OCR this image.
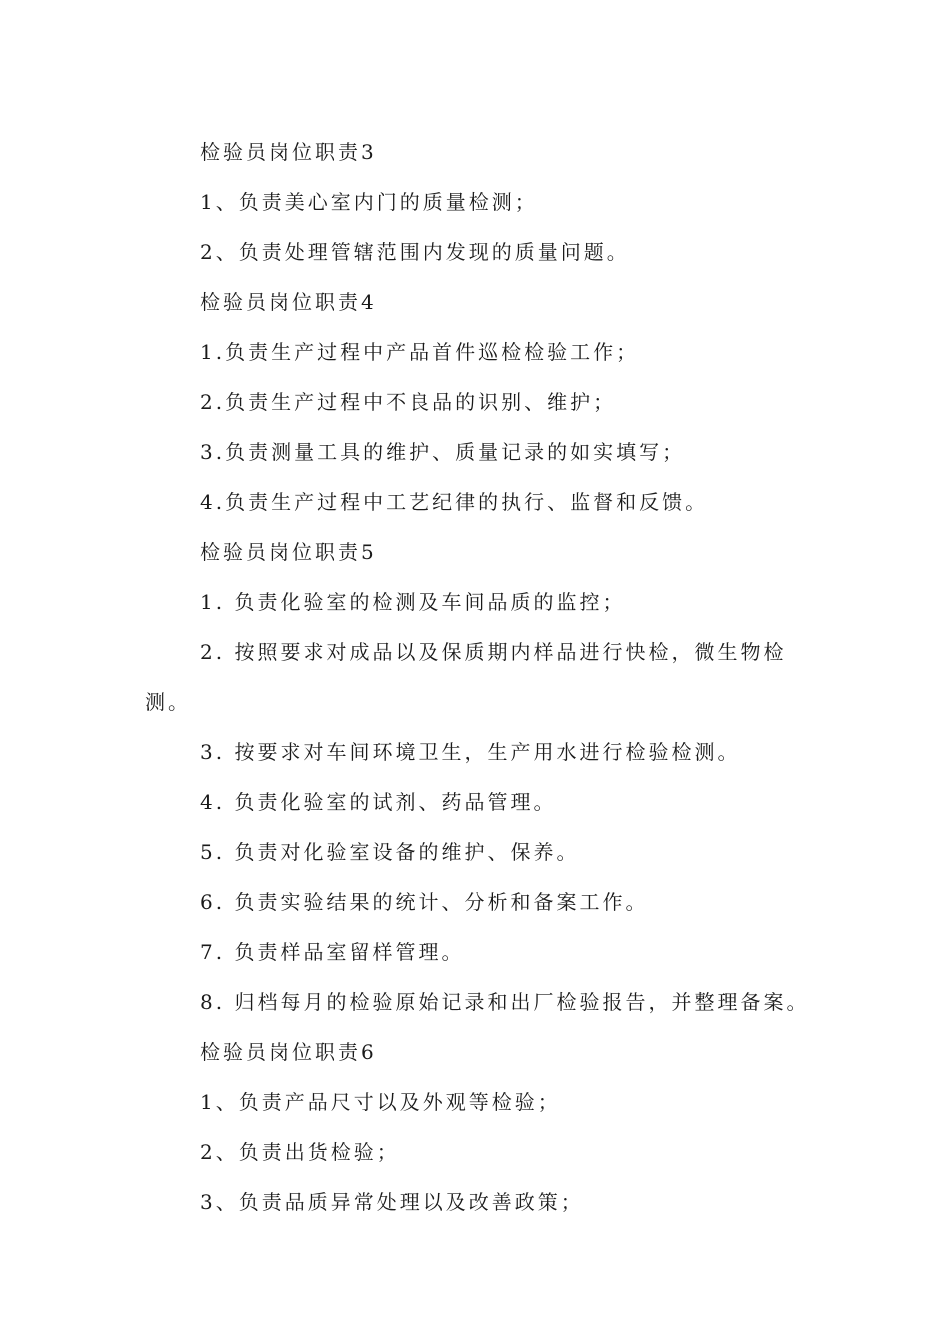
检验员岗位职责3
1、负责美心室内门的质量检测；
2、负责处理管辖范围内发现的质量问题。
检验员岗位职责4
1.负责生产过程中产品首件巡检检验工作；
2.负责生产过程中不良品的识别、维护；
3.负责测量工具的维护、质量记录的如实填写；
4.负责生产过程中工艺纪律的执行、监督和反馈。
检验员岗位职责5
1. 负责化验室的检测及车间品质的监控；
2. 按照要求对成品以及保质期内样品进行快检，微生物检
测。
3. 按要求对车间环境卫生，生产用水进行检验检测。
4. 负责化验室的试剂、药品管理。
5. 负责对化验室设备的维护、保养。
6. 负责实验结果的统计、分析和备案工作。
7. 负责样品室留样管理。
8. 归档每月的检验原始记录和出厂检验报告，并整理备案。
检验员岗位职责6
1、负责产品尺寸以及外观等检验；
2、负责出货检验；
3、负责品质异常处理以及改善政策；
